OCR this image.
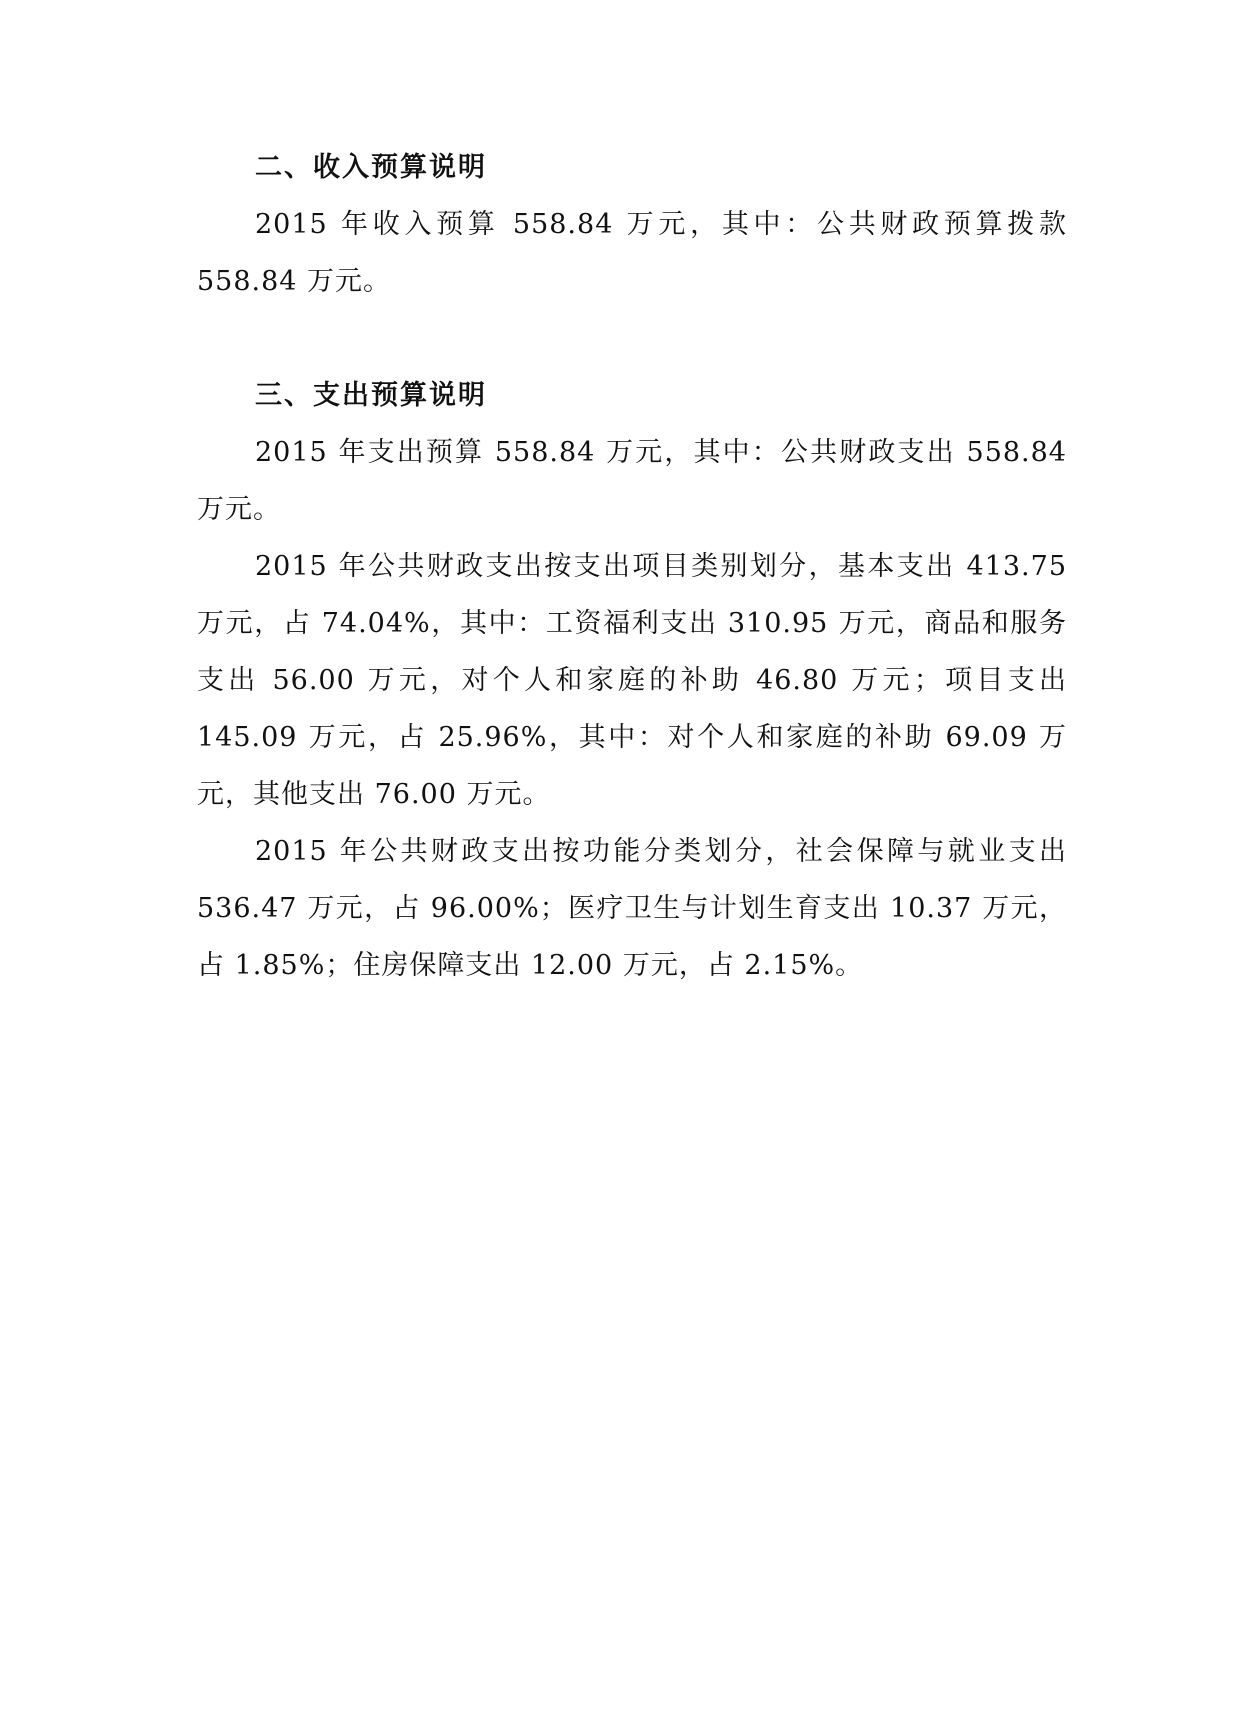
二、收入预算说明

2015 年收入预算 558.84 万元，其中：公共财政预算拨款 558.84 万元。

三、支出预算说明

2015 年支出预算 558.84 万元，其中：公共财政支出 558.84 万元。

2015 年公共财政支出按支出项目类别划分，基本支出 413.75 万元，占 74.04%，其中：工资福利支出 310.95 万元，商品和服务支出 56.00 万元，对个人和家庭的补助 46.80 万元；项目支出 145.09 万元，占 25.96%，其中：对个人和家庭的补助 69.09 万元，其他支出 76.00 万元。

2015 年公共财政支出按功能分类划分，社会保障与就业支出 536.47 万元，占 96.00%；医疗卫生与计划生育支出 10.37 万元，占 1.85%；住房保障支出 12.00 万元，占 2.15%。
